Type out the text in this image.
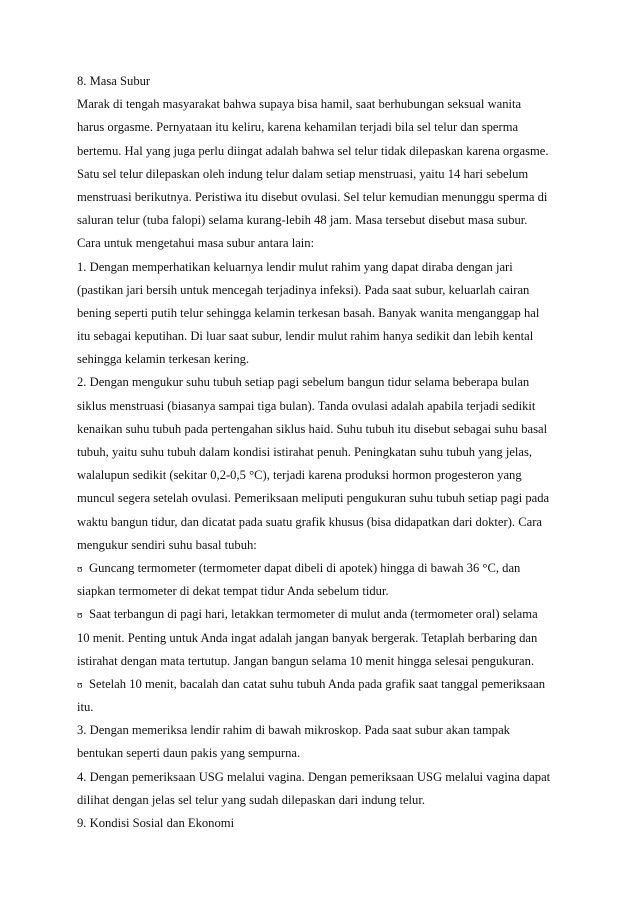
8. Masa Subur
Marak di tengah masyarakat bahwa supaya bisa hamil, saat berhubungan seksual wanita
harus orgasme. Pernyataan itu keliru, karena kehamilan terjadi bila sel telur dan sperma
bertemu. Hal yang juga perlu diingat adalah bahwa sel telur tidak dilepaskan karena orgasme.
Satu sel telur dilepaskan oleh indung telur dalam setiap menstruasi, yaitu 14 hari sebelum
menstruasi berikutnya. Peristiwa itu disebut ovulasi. Sel telur kemudian menunggu sperma di
saluran telur (tuba falopi) selama kurang-lebih 48 jam. Masa tersebut disebut masa subur.
Cara untuk mengetahui masa subur antara lain:
1. Dengan memperhatikan keluarnya lendir mulut rahim yang dapat diraba dengan jari
(pastikan jari bersih untuk mencegah terjadinya infeksi). Pada saat subur, keluarlah cairan
bening seperti putih telur sehingga kelamin terkesan basah. Banyak wanita menganggap hal
itu sebagai keputihan. Di luar saat subur, lendir mulut rahim hanya sedikit dan lebih kental
sehingga kelamin terkesan kering.
2. Dengan mengukur suhu tubuh setiap pagi sebelum bangun tidur selama beberapa bulan
siklus menstruasi (biasanya sampai tiga bulan). Tanda ovulasi adalah apabila terjadi sedikit
kenaikan suhu tubuh pada pertengahan siklus haid. Suhu tubuh itu disebut sebagai suhu basal
tubuh, yaitu suhu tubuh dalam kondisi istirahat penuh. Peningkatan suhu tubuh yang jelas,
walalupun sedikit (sekitar 0,2-0,5 °C), terjadi karena produksi hormon progesteron yang
muncul segera setelah ovulasi. Pemeriksaan meliputi pengukuran suhu tubuh setiap pagi pada
waktu bangun tidur, dan dicatat pada suatu grafik khusus (bisa didapatkan dari dokter). Cara
mengukur sendiri suhu basal tubuh:
ʊ Guncang termometer (termometer dapat dibeli di apotek) hingga di bawah 36 °C, dan
siapkan termometer di dekat tempat tidur Anda sebelum tidur.
ʊ Saat terbangun di pagi hari, letakkan termometer di mulut anda (termometer oral) selama
10 menit. Penting untuk Anda ingat adalah jangan banyak bergerak. Tetaplah berbaring dan
istirahat dengan mata tertutup. Jangan bangun selama 10 menit hingga selesai pengukuran.
ʊ Setelah 10 menit, bacalah dan catat suhu tubuh Anda pada grafik saat tanggal pemeriksaan
itu.
3. Dengan memeriksa lendir rahim di bawah mikroskop. Pada saat subur akan tampak
bentukan seperti daun pakis yang sempurna.
4. Dengan pemeriksaan USG melalui vagina. Dengan pemeriksaan USG melalui vagina dapat
dilihat dengan jelas sel telur yang sudah dilepaskan dari indung telur.
9. Kondisi Sosial dan Ekonomi
